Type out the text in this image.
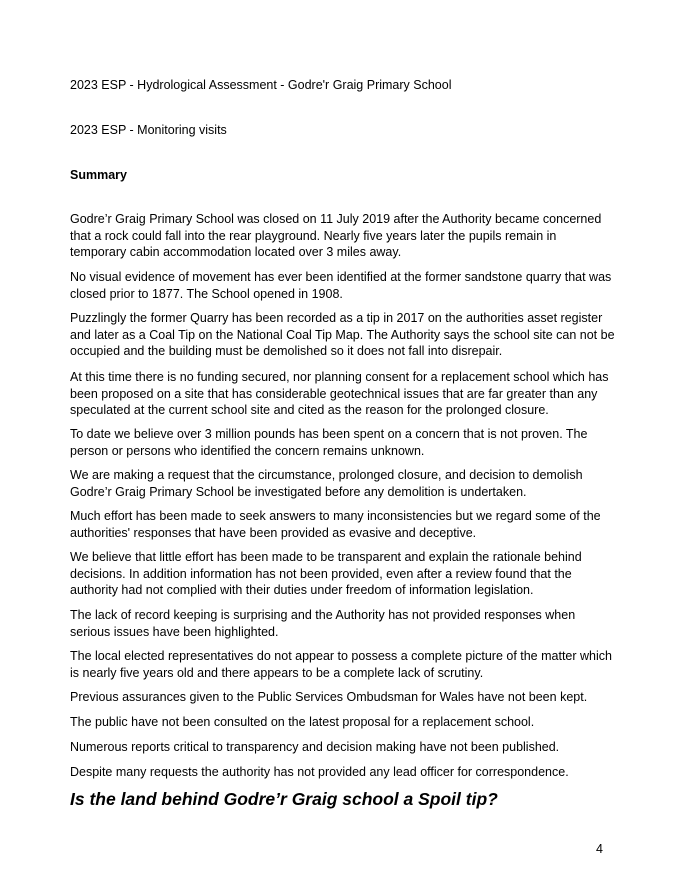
2023 ESP - Hydrological Assessment - Godre'r Graig Primary School
2023 ESP - Monitoring visits
Summary

Godre’r Graig Primary School was closed on 11 July 2019 after the Authority became concerned that a rock could fall into the rear playground. Nearly five years later the pupils remain in temporary cabin accommodation located over 3 miles away.

No visual evidence of movement has ever been identified at the former sandstone quarry that was closed prior to 1877. The School opened in 1908.

Puzzlingly the former Quarry has been recorded as a tip in 2017 on the authorities asset register and later as a Coal Tip on the National Coal Tip Map. The Authority says the school site can not be occupied and the building must be demolished so it does not fall into disrepair.

At this time there is no funding secured, nor planning consent for a replacement school which has been proposed on a site that has considerable geotechnical issues that are far greater than any speculated at the current school site and cited as the reason for the prolonged closure.

To date we believe over 3 million pounds has been spent on a concern that is not proven. The person or persons who identified the concern remains unknown.

We are making a request that the circumstance, prolonged closure, and decision to demolish Godre’r Graig Primary School be investigated before any demolition is undertaken.

Much effort has been made to seek answers to many inconsistencies but we regard some of the authorities' responses that have been provided as evasive and deceptive.

We believe that little effort has been made to be transparent and explain the rationale behind decisions. In addition information has not been provided, even after a review found that the authority had not complied with their duties under freedom of information legislation.

The lack of record keeping is surprising and the Authority has not provided responses when serious issues have been highlighted.

The local elected representatives do not appear to possess a complete picture of the matter which is nearly five years old and there appears to be a complete lack of scrutiny.

Previous assurances given to the Public Services Ombudsman for Wales have not been kept.

The public have not been consulted on the latest proposal for a replacement school.

Numerous reports critical to transparency and decision making have not been published.

Despite many requests the authority has not provided any lead officer for correspondence.

Is the land behind Godre’r Graig school a Spoil tip?
4
